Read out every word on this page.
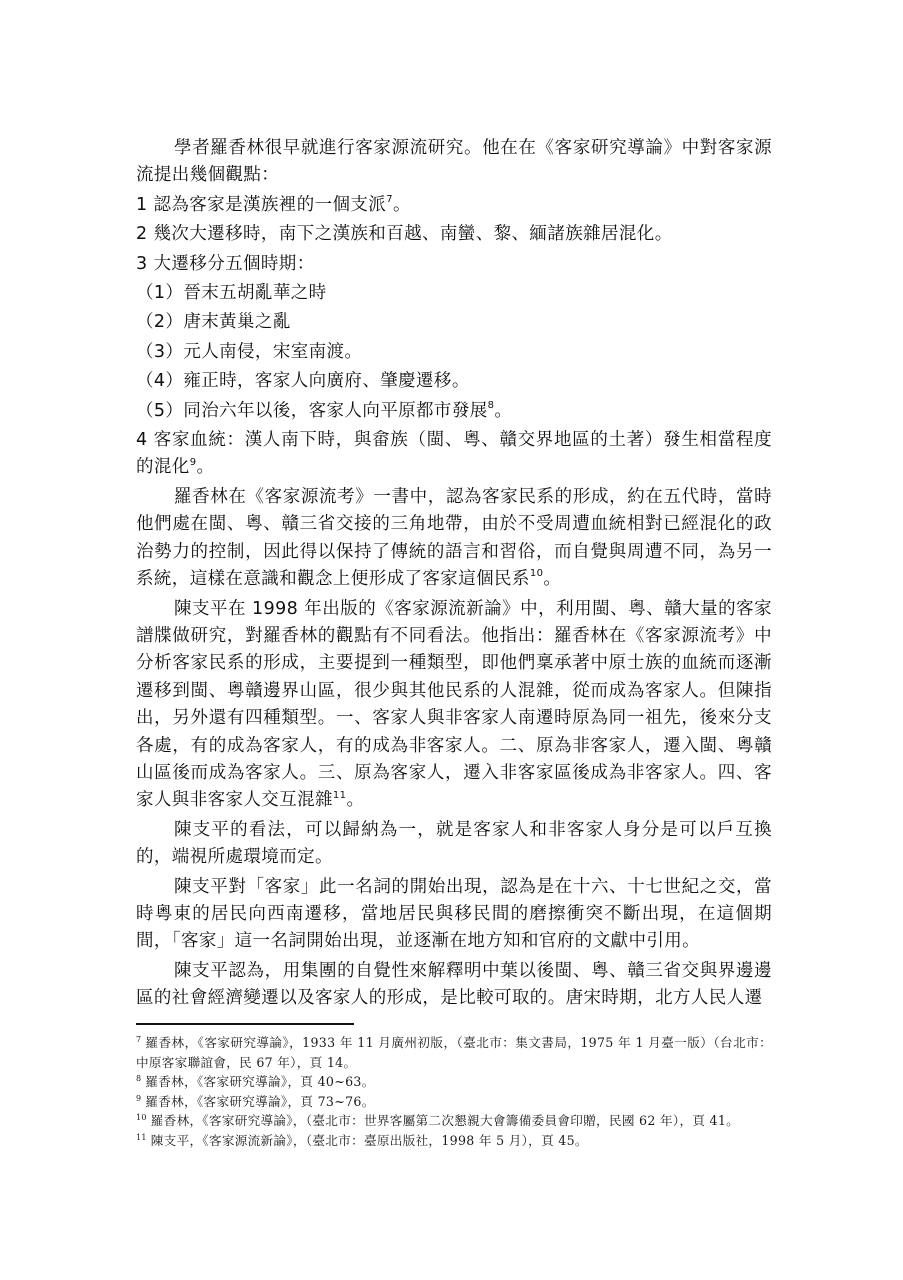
學者羅香林很早就進行客家源流研究。他在在《客家研究導論》中對客家源流提出幾個觀點：

1 認為客家是漢族裡的一個支派$^7$。

2 幾次大遷移時，南下之漢族和百越、南蠻、黎、緬諸族雜居混化。

3 大遷移分五個時期：

（1）晉末五胡亂華之時

（2）唐末黃巢之亂

（3）元人南侵，宋室南渡。

（4）雍正時，客家人向廣府、肇慶遷移。

（5）同治六年以後，客家人向平原都市發展$^8$。

4 客家血統：漢人南下時，與畲族（閩、粵、贛交界地區的土著）發生相當程度的混化$^9$。

羅香林在《客家源流考》一書中，認為客家民系的形成，約在五代時，當時他們處在閩、粵、贛三省交接的三角地帶，由於不受周遭血統相對已經混化的政治勢力的控制，因此得以保持了傳統的語言和習俗，而自覺與周遭不同，為另一系統，這樣在意識和觀念上便形成了客家這個民系$^{10}$。

陳支平在 1998 年出版的《客家源流新論》中，利用閩、粵、贛大量的客家譜牒做研究，對羅香林的觀點有不同看法。他指出：羅香林在《客家源流考》中分析客家民系的形成，主要提到一種類型，即他們稟承著中原士族的血統而逐漸遷移到閩、粵贛邊界山區，很少與其他民系的人混雜，從而成為客家人。但陳指出，另外還有四種類型。一、客家人與非客家人南遷時原為同一祖先，後來分支各處，有的成為客家人，有的成為非客家人。二、原為非客家人，遷入閩、粵贛山區後而成為客家人。三、原為客家人，遷入非客家區後成為非客家人。四、客家人與非客家人交互混雜$^{11}$。

陳支平的看法，可以歸納為一，就是客家人和非客家人身分是可以戶互換的，端視所處環境而定。

陳支平對「客家」此一名詞的開始出現，認為是在十六、十七世紀之交，當時粵東的居民向西南遷移，當地居民與移民間的磨擦衝突不斷出現，在這個期間，「客家」這一名詞開始出現，並逐漸在地方知和官府的文獻中引用。

陳支平認為，用集團的自覺性來解釋明中葉以後閩、粵、贛三省交與界邊邊區的社會經濟變遷以及客家人的形成，是比較可取的。唐宋時期，北方人民人遷

$^7$ 羅香林，《客家研究導論》，1933 年 11 月廣州初版，（臺北市：集文書局，1975 年 1 月臺一版）（台北市：中原客家聯誼會，民 67 年），頁 14。

$^8$ 羅香林，《客家研究導論》，頁 40~63。

$^9$ 羅香林，《客家研究導論》，頁 73~76。

$^{10}$ 羅香林，《客家研究導論》，（臺北市：世界客屬第二次懇親大會籌備委員會印贈，民國 62 年），頁 41。

$^{11}$ 陳支平，《客家源流新論》，（臺北市：臺原出版社，1998 年 5 月），頁 45。
